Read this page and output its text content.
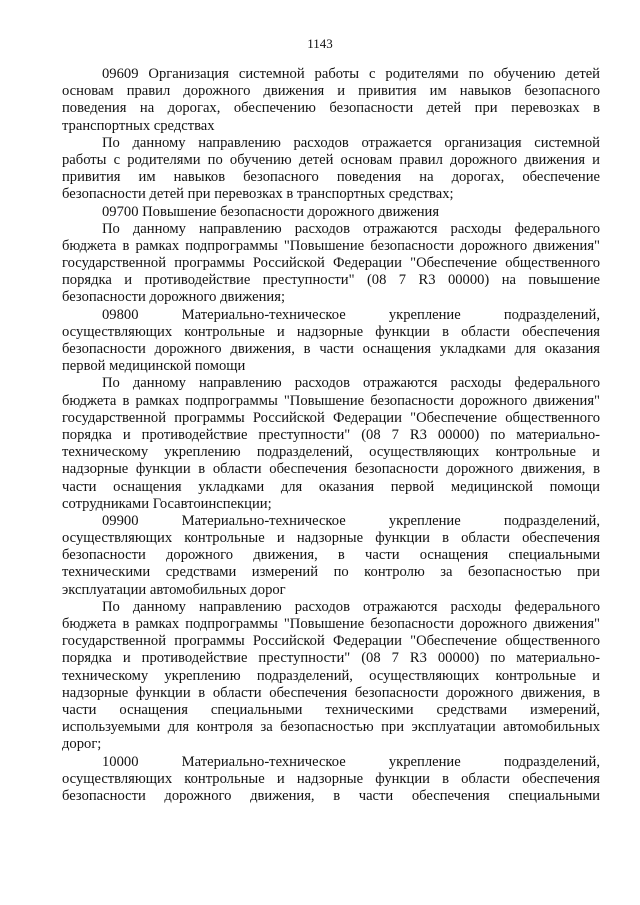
1143
09609 Организация системной работы с родителями по обучению детей
основам правил дорожного движения и привития им навыков безопасного
поведения на дорогах, обеспечению безопасности детей при перевозках в
транспортных средствах
По данному направлению расходов отражается организация системной
работы с родителями по обучению детей основам правил дорожного движения и
привития им навыков безопасного поведения на дорогах, обеспечение
безопасности детей при перевозках в транспортных средствах;
09700 Повышение безопасности дорожного движения
По данному направлению расходов отражаются расходы федерального
бюджета в рамках подпрограммы "Повышение безопасности дорожного движения"
государственной программы Российской Федерации "Обеспечение общественного
порядка и противодействие преступности" (08 7 R3 00000) на повышение
безопасности дорожного движения;
09800 Материально-техническое укрепление подразделений,
осуществляющих контрольные и надзорные функции в области обеспечения
безопасности дорожного движения, в части оснащения укладками для оказания
первой медицинской помощи
По данному направлению расходов отражаются расходы федерального
бюджета в рамках подпрограммы "Повышение безопасности дорожного движения"
государственной программы Российской Федерации "Обеспечение общественного
порядка и противодействие преступности" (08 7 R3 00000) по материально-
техническому укреплению подразделений, осуществляющих контрольные и
надзорные функции в области обеспечения безопасности дорожного движения, в
части оснащения укладками для оказания первой медицинской помощи
сотрудниками Госавтоинспекции;
09900 Материально-техническое укрепление подразделений,
осуществляющих контрольные и надзорные функции в области обеспечения
безопасности дорожного движения, в части оснащения специальными
техническими средствами измерений по контролю за безопасностью при
эксплуатации автомобильных дорог
По данному направлению расходов отражаются расходы федерального
бюджета в рамках подпрограммы "Повышение безопасности дорожного движения"
государственной программы Российской Федерации "Обеспечение общественного
порядка и противодействие преступности" (08 7 R3 00000) по материально-
техническому укреплению подразделений, осуществляющих контрольные и
надзорные функции в области обеспечения безопасности дорожного движения, в
части оснащения специальными техническими средствами измерений,
используемыми для контроля за безопасностью при эксплуатации автомобильных
дорог;
10000 Материально-техническое укрепление подразделений,
осуществляющих контрольные и надзорные функции в области обеспечения
безопасности дорожного движения, в части обеспечения специальными
